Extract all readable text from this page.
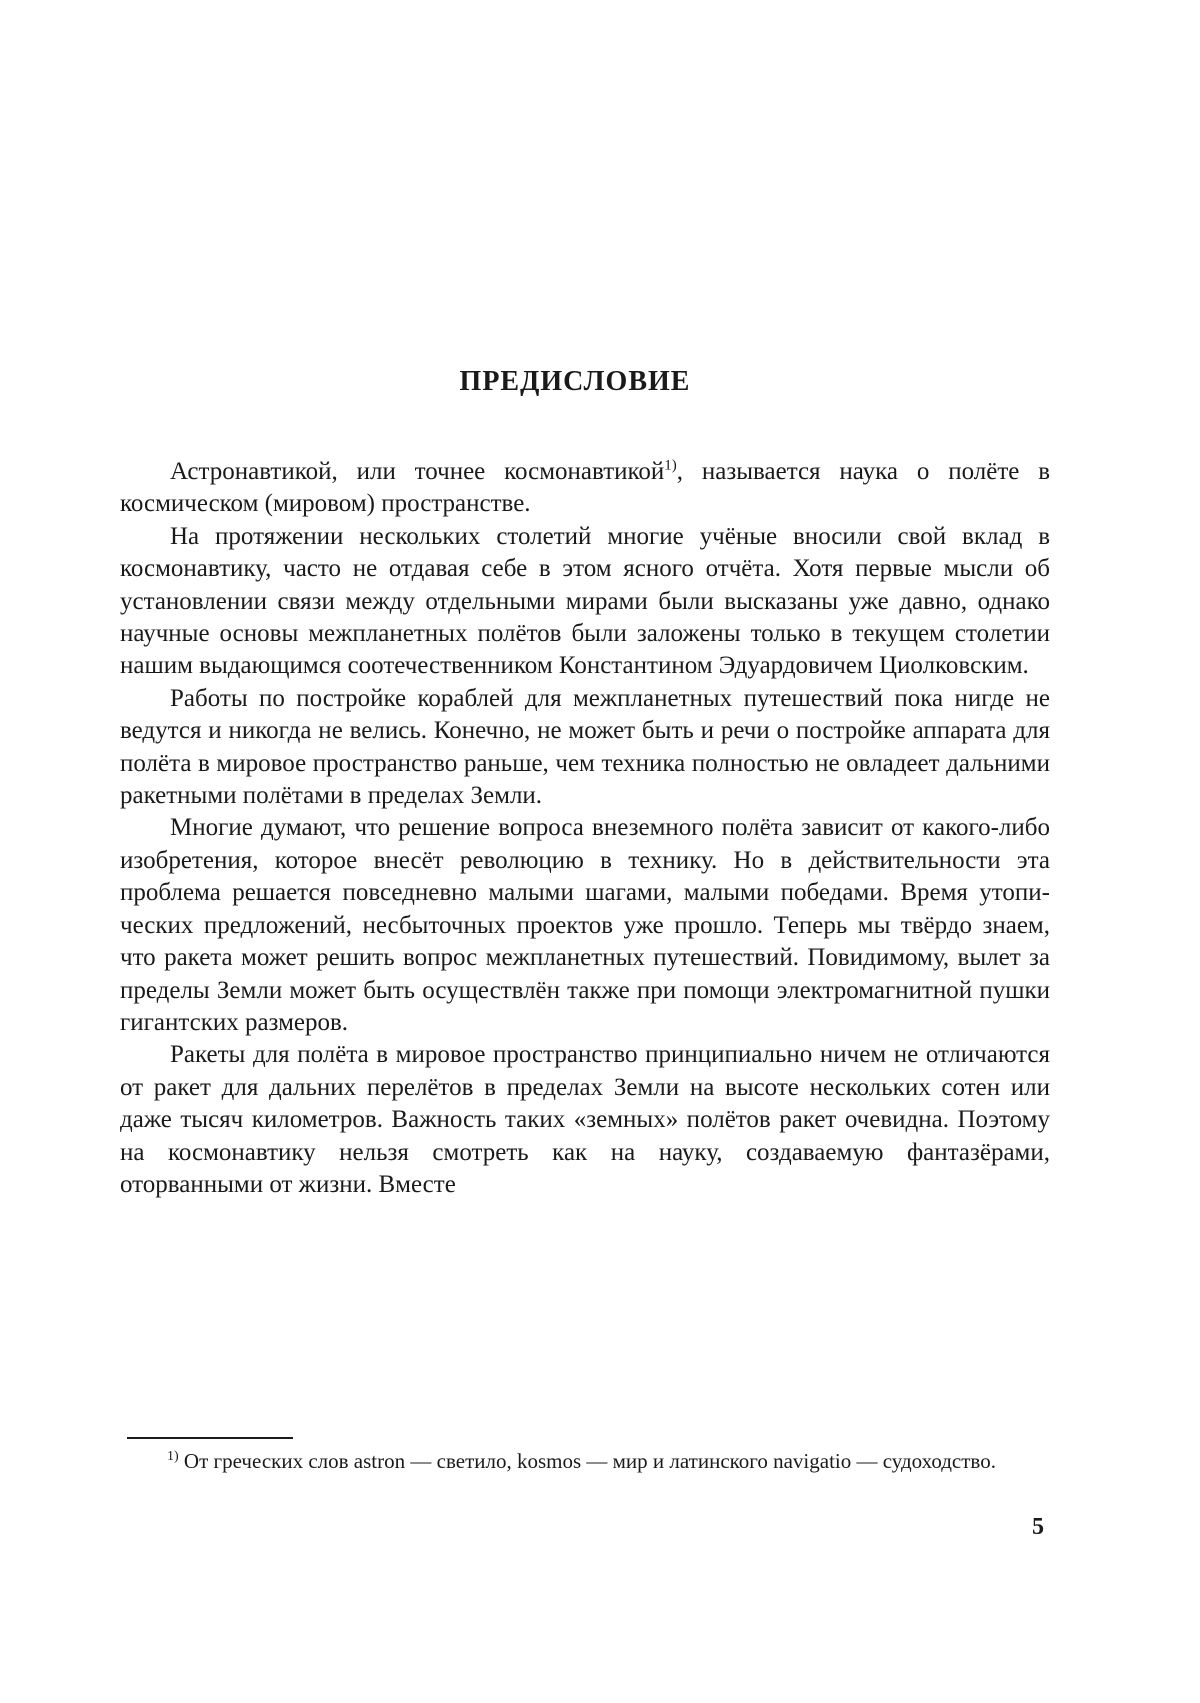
ПРЕДИСЛОВИЕ

Астронавтикой, или точнее космонавтикой$^{1)}$, называется наука о полёте в космическом (мировом) пространстве.

На протяжении нескольких столетий многие учёные вносили свой вклад в космонавтику, часто не отдавая себе в этом ясного отчёта. Хотя первые мысли об установлении связи между отдельными мирами были высказаны уже давно, однако научные основы межпланетных полётов были заложены только в текущем столетии нашим выдающимся соотечественником Константином Эдуардовичем Циолковским.

Работы по постройке кораблей для межпланетных путешествий пока нигде не ведутся и никогда не велись. Конечно, не может быть и речи о постройке аппарата для полёта в мировое пространство раньше, чем техника полностью не овладеет дальними ракетными полётами в пределах Земли.

Многие думают, что решение вопроса внеземного полёта зависит от какого-либо изобретения, которое внесёт революцию в технику. Но в действительности эта проблема решается повседневно малыми шагами, малыми победами. Время утопических предложений, несбыточных проектов уже прошло. Теперь мы твёрдо знаем, что ракета может решить вопрос межпланетных путешествий. Повидимому, вылет за пределы Земли может быть осуществлён также при помощи электромагнитной пушки гигантских размеров.

Ракеты для полёта в мировое пространство принципиально ничем не отличаются от ракет для дальних перелётов в пределах Земли на высоте нескольких сотен или даже тысяч километров. Важность таких «земных» полётов ракет очевидна. Поэтому на космонавтику нельзя смотреть как на науку, создаваемую фантазёрами, оторванными от жизни. Вместе

$^{1)}$ От греческих слов astron — светило, kosmos — мир и латинского navigatio — судоходство.

5
